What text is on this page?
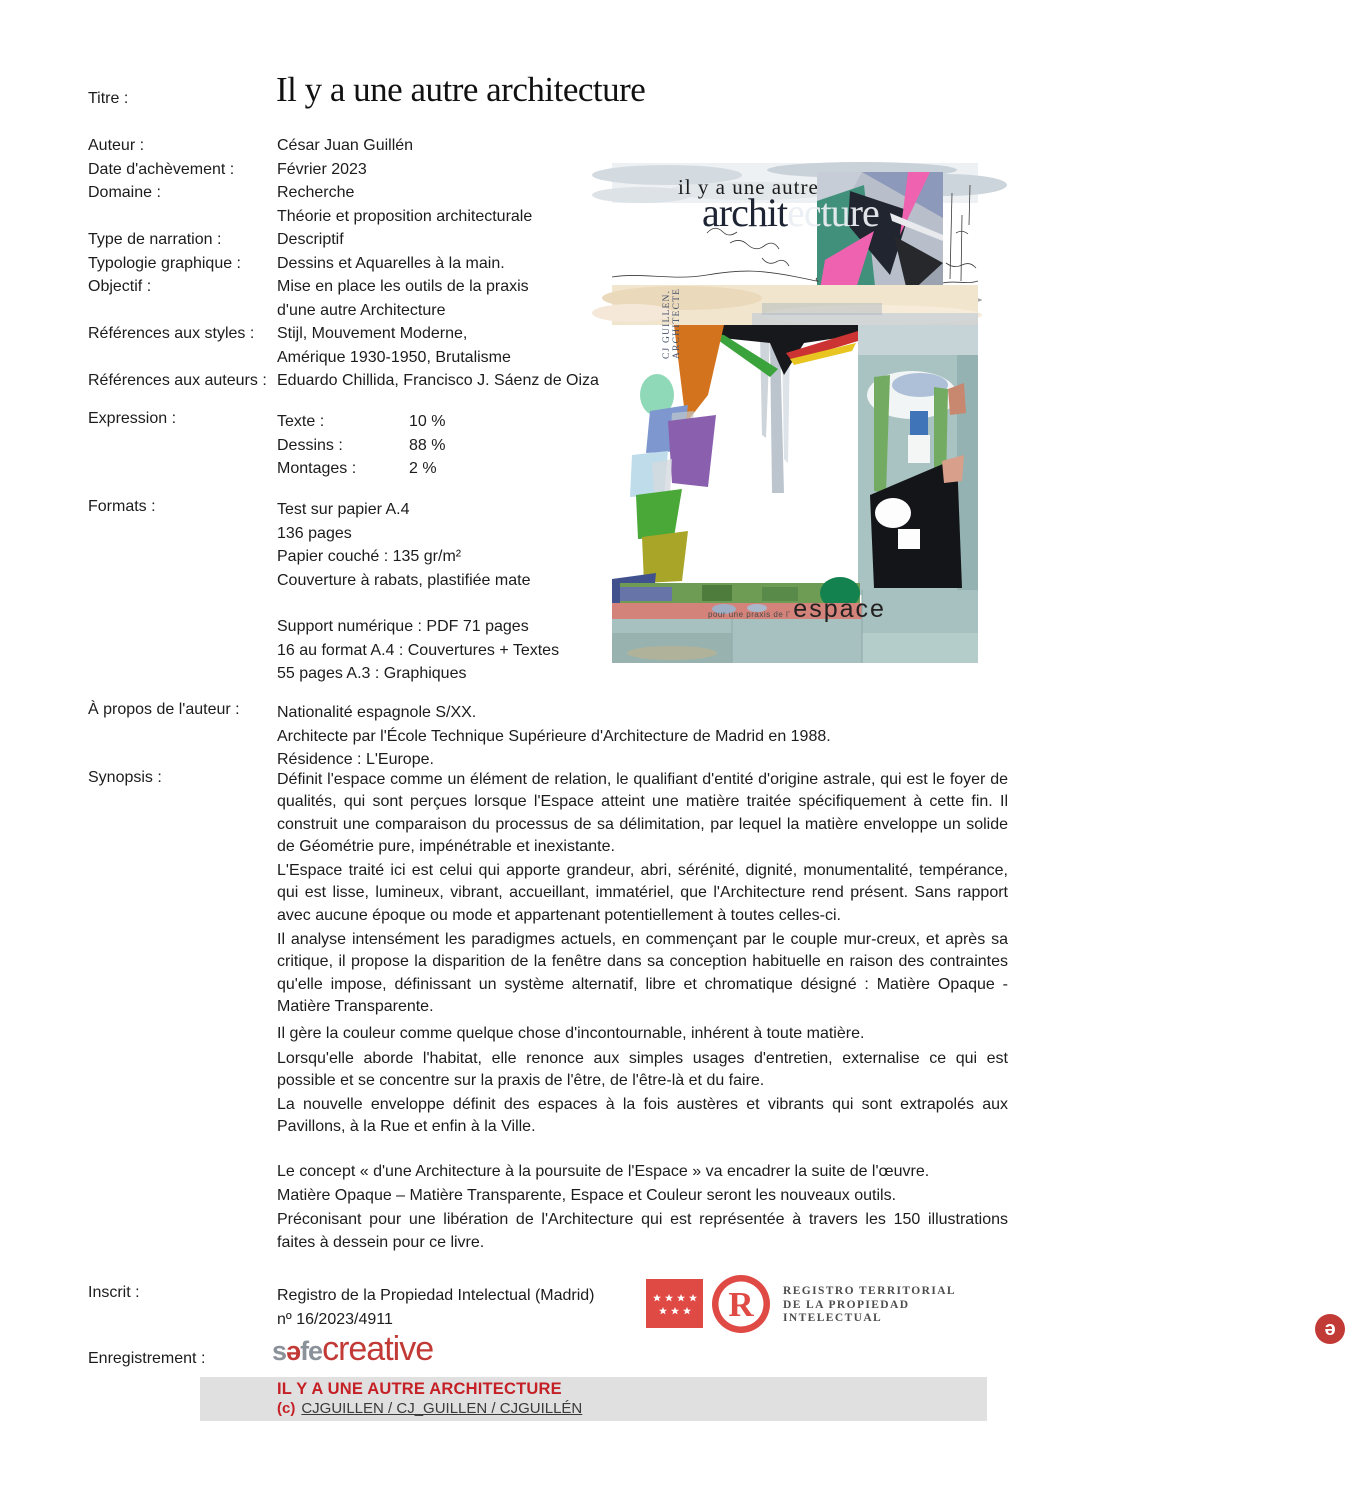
Titre :	Il y a une autre architecture
Auteur :	César Juan Guillén
Date d'achèvement :	Février 2023
Domaine :	Recherche
Théorie et proposition architecturale
Type de narration :	Descriptif
Typologie graphique : Dessins et Aquarelles à la main.
Objectif :	Mise en place les outils de la praxis
d'une autre Architecture
Références aux styles : Stijl, Mouvement Moderne,
Amérique 1930-1950, Brutalisme
Références aux auteurs : Eduardo Chillida, Francisco J. Sáenz de Oiza
Expression :	Texte :	10 %
Dessins :	88 %
Montages :	2 %
Formats :	Test sur papier A.4
136 pages
Papier couché : 135 gr/m²
Couverture à rabats, plastifiée mate
Support numérique : PDF 71 pages
16 au format A.4 : Couvertures + Textes
55 pages A.3 : Graphiques
À propos de l'auteur : Nationalité espagnole S/XX.
Architecte par l'École Technique Supérieure d'Architecture de Madrid en 1988.
Résidence : L'Europe.
Synopsis :	Définit l'espace comme un élément de relation, le qualifiant d'entité d'origine astrale, qui est le foyer de qualités, qui sont perçues lorsque l'Espace atteint une matière traitée spécifiquement à cette fin. Il construit une comparaison du processus de sa délimitation, par lequel la matière enveloppe un solide de Géométrie pure, impénétrable et inexistante.

L'Espace traité ici est celui qui apporte grandeur, abri, sérénité, dignité, monumentalité, tempérance, qui est lisse, lumineux, vibrant, accueillant, immatériel, que l'Architecture rend présent. Sans rapport avec aucune époque ou mode et appartenant potentiellement à toutes celles-ci.

Il analyse intensément les paradigmes actuels, en commençant par le couple mur-creux, et après sa critique, il propose la disparition de la fenêtre dans sa conception habituelle en raison des contraintes qu'elle impose, définissant un système alternatif, libre et chromatique désigné : Matière Opaque - Matière Transparente.

Il gère la couleur comme quelque chose d'incontournable, inhérent à toute matière.

Lorsqu'elle aborde l'habitat, elle renonce aux simples usages d'entretien, externalise ce qui est possible et se concentre sur la praxis de l'être, de l'être-là et du faire.

La nouvelle enveloppe définit des espaces à la fois austères et vibrants qui sont extrapolés aux Pavillons, à la Rue et enfin à la Ville.

Le concept « d'une Architecture à la poursuite de l'Espace » va encadrer la suite de l'œuvre.

Matière Opaque – Matière Transparente, Espace et Couleur seront les nouveaux outils.

Préconisant pour une libération de l'Architecture qui est représentée à travers les 150 illustrations faites à dessein pour ce livre.

Inscrit :	Registro de la Propiedad Intelectual (Madrid)
nº 16/2023/4911	R	REGISTRO TERRITORIAL
DE LA PROPIEDAD
INTELECTUAL
Enregistrement : səfecreative
ə
IL Y A UNE AUTRE ARCHITECTURE
(c) CJGUILLEN / CJ_GUILLEN / CJGUILLÉN
il y a une autre
architecture
CJ GUILLEN. ARCHITECTE
pour une praxis de l' espace
